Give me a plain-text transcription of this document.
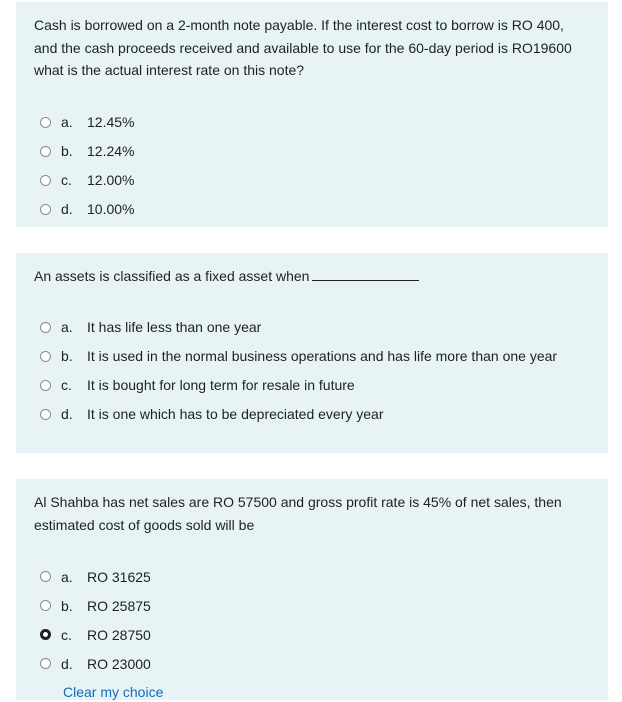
Cash is borrowed on a 2-month note payable. If the interest cost to borrow is RO 400, and the cash proceeds received and available to use for the 60-day period is RO19600 what is the actual interest rate on this note?

a.	12.45%
b.	12.24%
c.	12.00%
d.	10.00%

An assets is classified as a fixed asset when

a.	It has life less than one year
b.	It is used in the normal business operations and has life more than one year
c.	It is bought for long term for resale in future
d.	It is one which has to be depreciated every year

Al Shahba has net sales are RO 57500 and gross profit rate is 45% of net sales, then estimated cost of goods sold will be

a.	RO 31625
b.	RO 25875
c.	RO 28750
d.	RO 23000
Clear my choice
